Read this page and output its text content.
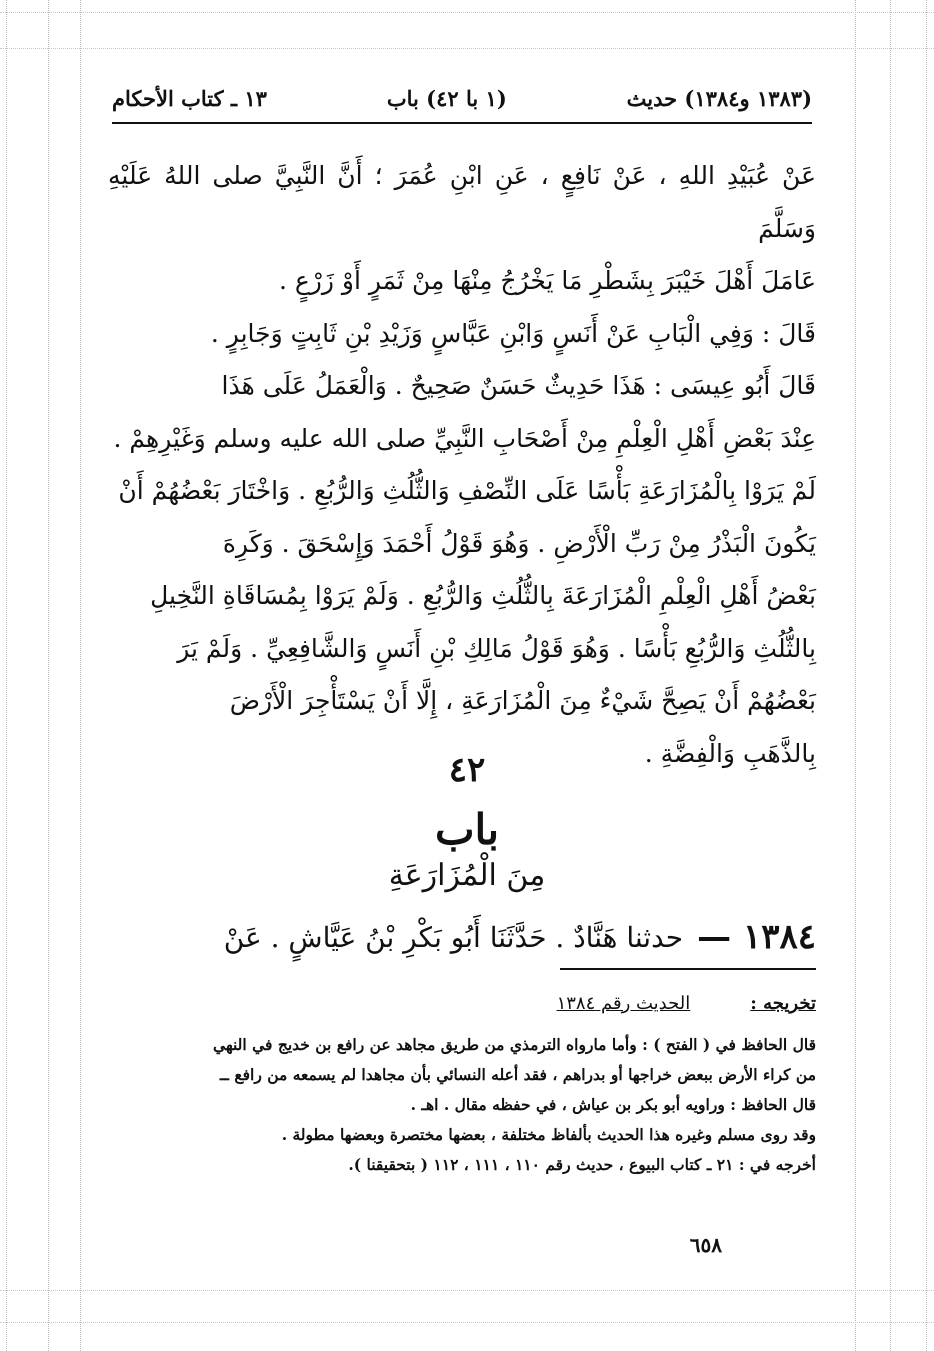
١٣ ـ كتاب الأحكام	(١ با ٤٢) باب	(١٣٨٣ و١٣٨٤) حديث

عَنْ عُبَيْدِ اللهِ ، عَنْ نَافِعٍ ، عَنِ ابْنِ عُمَرَ ؛ أَنَّ النَّبِيَّ صلى اللهُ عَلَيْهِ وَسَلَّمَ

عَامَلَ أَهْلَ خَيْبَرَ بِشَطْرِ مَا يَخْرُجُ مِنْهَا مِنْ ثَمَرٍ أَوْ زَرْعٍ .

قَالَ : وَفِي الْبَابِ عَنْ أَنَسٍ وَابْنِ عَبَّاسٍ وَزَيْدِ بْنِ ثَابِتٍ وَجَابِرٍ .

قَالَ أَبُو عِيسَى : هَذَا حَدِيثٌ حَسَنٌ صَحِيحٌ . وَالْعَمَلُ عَلَى هَذَا

عِنْدَ بَعْضِ أَهْلِ الْعِلْمِ مِنْ أَصْحَابِ النَّبِيِّ صلى الله عليه وسلم وَغَيْرِهِمْ .

لَمْ يَرَوْا بِالْمُزَارَعَةِ بَأْسًا عَلَى النِّصْفِ وَالثُّلُثِ وَالرُّبُعِ . وَاخْتَارَ بَعْضُهُمْ أَنْ

يَكُونَ الْبَذْرُ مِنْ رَبِّ الْأَرْضِ . وَهُوَ قَوْلُ أَحْمَدَ وَإِسْحَقَ . وَكَرِهَ

بَعْضُ أَهْلِ الْعِلْمِ الْمُزَارَعَةَ بِالثُّلُثِ وَالرُّبُعِ . وَلَمْ يَرَوْا بِمُسَاقَاةِ النَّخِيلِ

بِالثُّلُثِ وَالرُّبُعِ بَأْسًا . وَهُوَ قَوْلُ مَالِكِ بْنِ أَنَسٍ وَالشَّافِعِيِّ . وَلَمْ يَرَ

بَعْضُهُمْ أَنْ يَصِحَّ شَيْءٌ مِنَ الْمُزَارَعَةِ ، إِلَّا أَنْ يَسْتَأْجِرَ الْأَرْضَ

بِالذَّهَبِ وَالْفِضَّةِ .

٤٢
باب
مِنَ الْمُزَارَعَةِ
١٣٨٤ —
حدثنا هَنَّادٌ . حَدَّثَنَا أَبُو بَكْرِ بْنُ عَيَّاشٍ . عَنْ
تخريجه :
الحديث رقم ١٣٨٤
قال الحافظ في ( الفتح ) : وأما مارواه الترمذي من طريق مجاهد عن رافع بن خديج في النهي
من كراء الأرض ببعض خراجها أو بدراهم ، فقد أعله النسائي بأن مجاهدا لم يسمعه من رافع ــ
قال الحافظ : وراويه أبو بكر بن عياش ، في حفظه مقال . اهـ .
وقد روى مسلم وغيره هذا الحديث بألفاظ مختلفة ، بعضها مختصرة وبعضها مطولة .
أخرجه في : ٢١ ـ كتاب البيوع ، حديث رقم ١١٠ ، ١١١ ، ١١٢ ( بتحقيقنا ).
٦٥٨
